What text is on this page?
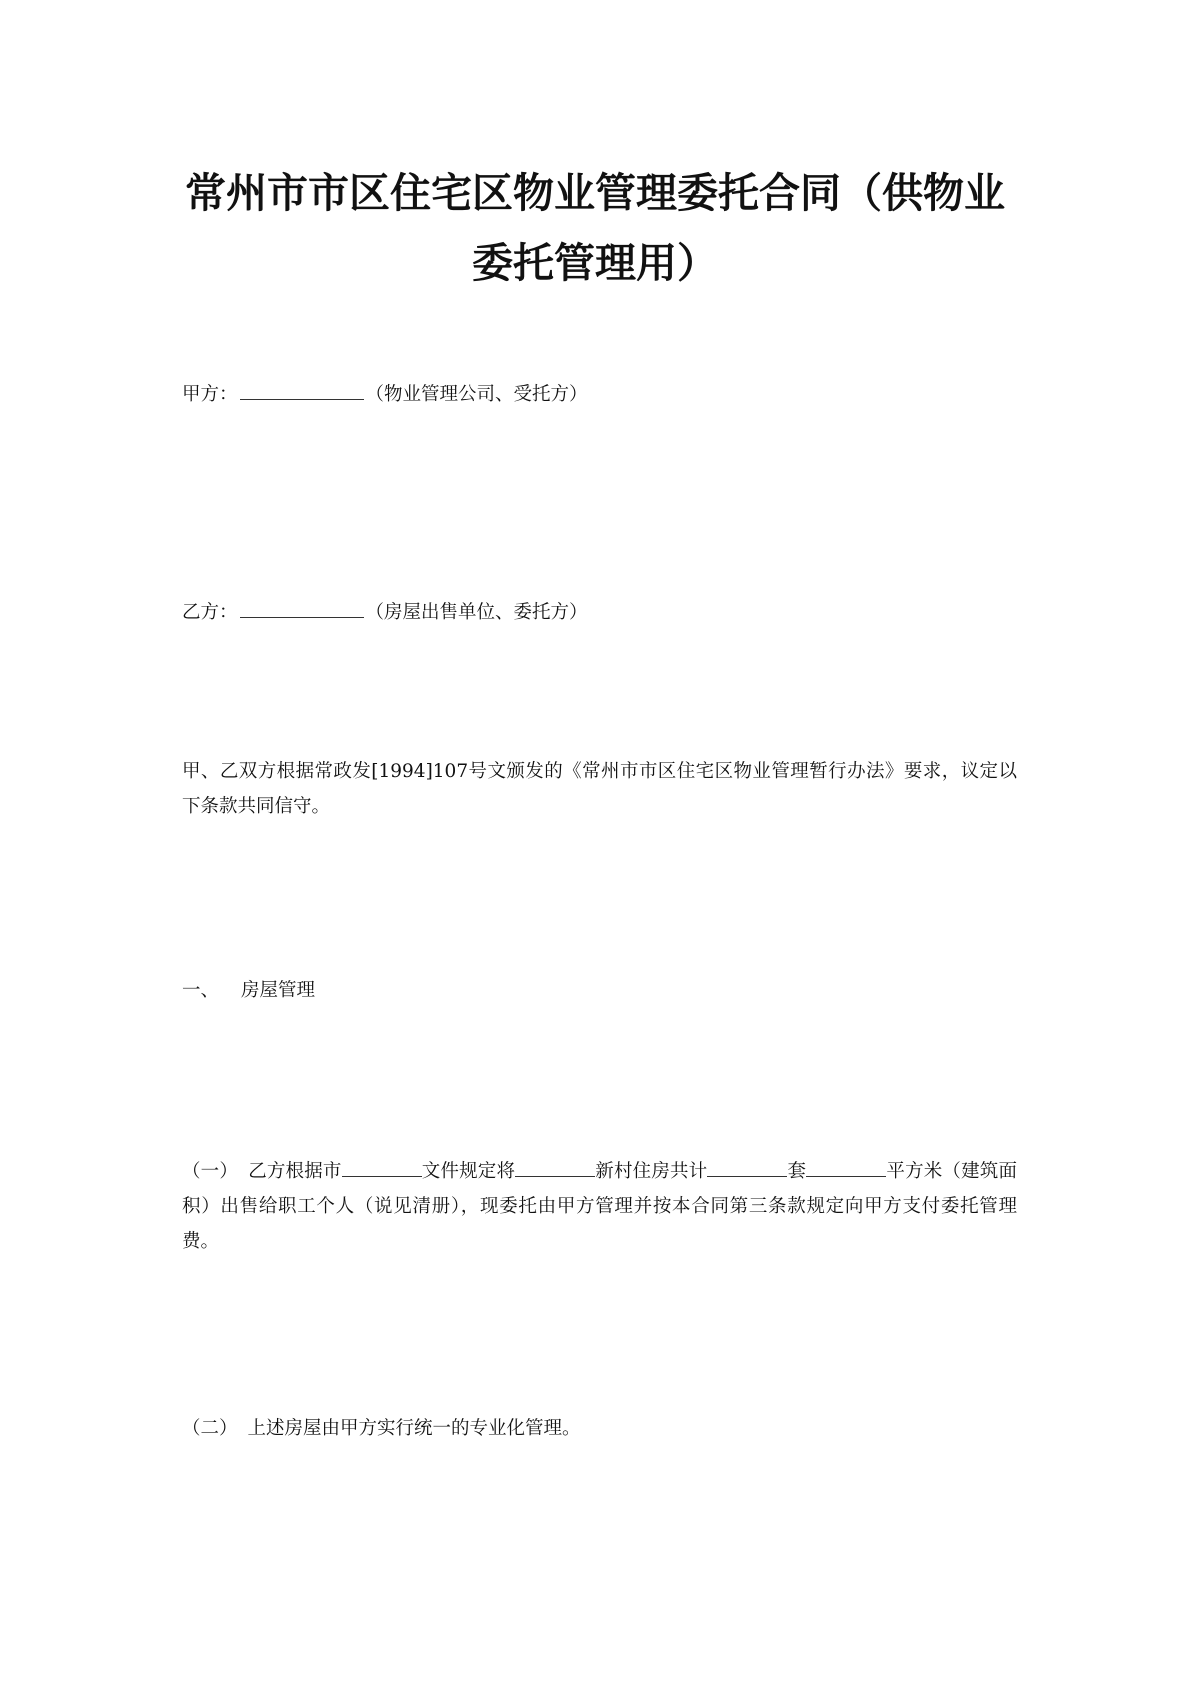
常州市市区住宅区物业管理委托合同（供物业
委托管理用）
甲方：	（物业管理公司、受托方）
乙方：	（房屋出售单位、委托方）
甲、乙双方根据常政发[1994]107号文颁发的《常州市市区住宅区物业管理暂行办法》要求，议定以下条款共同信守。
一、 房屋管理
（一） 乙方根据市	文件规定将	新村住房共计	套	平方米（建筑面积）出售给职工个人（说见清册），现委托由甲方管理并按本合同第三条款规定向甲方支付委托管理费。
（二） 上述房屋由甲方实行统一的专业化管理。
